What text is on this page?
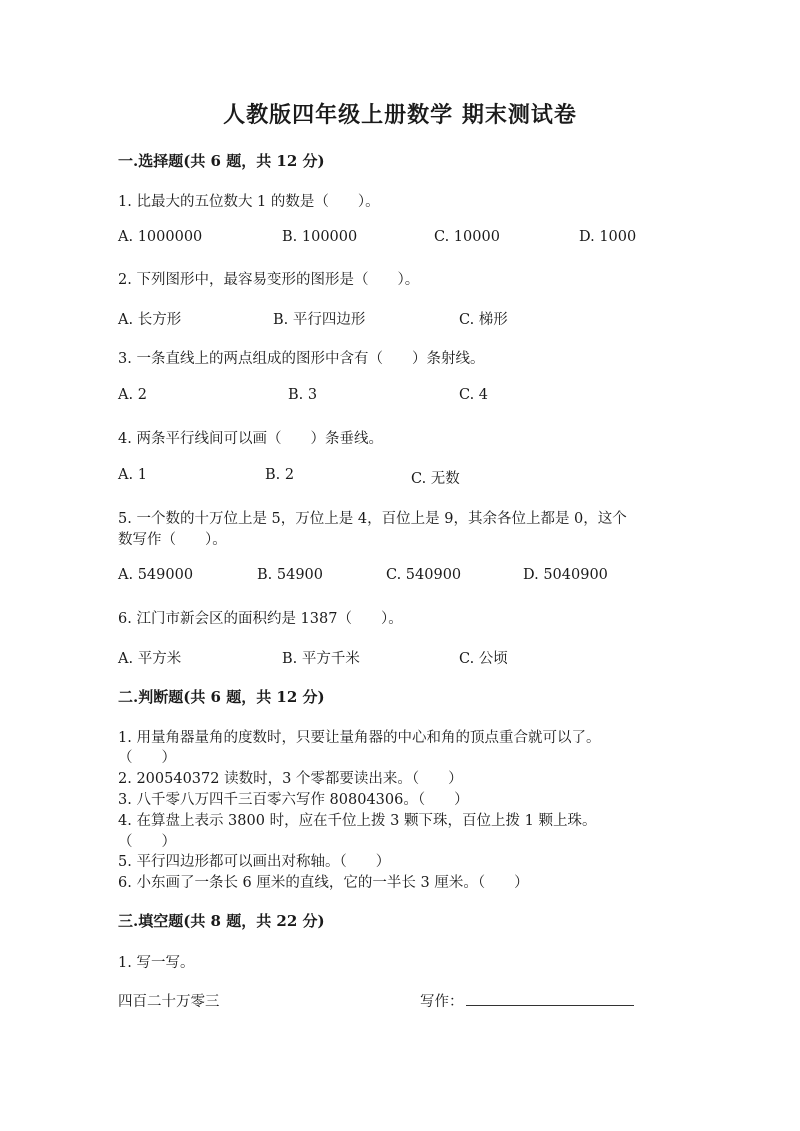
人教版四年级上册数学 期末测试卷
一.选择题(共 6 题，共 12 分)
1. 比最大的五位数大 1 的数是（　　）。
A. 1000000	B. 100000	C. 10000	D. 1000
2. 下列图形中，最容易变形的图形是（　　）。
A. 长方形	B. 平行四边形	C. 梯形
3. 一条直线上的两点组成的图形中含有（　　）条射线。
A. 2	B. 3	C. 4
4. 两条平行线间可以画（　　）条垂线。
A. 1	B. 2	C. 无数
5. 一个数的十万位上是 5，万位上是 4，百位上是 9，其余各位上都是 0，这个
数写作（　　）。
A. 549000	B. 54900	C. 540900	D. 5040900
6. 江门市新会区的面积约是 1387（　　）。
A. 平方米	B. 平方千米	C. 公顷
二.判断题(共 6 题，共 12 分)
1. 用量角器量角的度数时，只要让量角器的中心和角的顶点重合就可以了。
（　　）
2. 200540372 读数时，3 个零都要读出来。（　　）
3. 八千零八万四千三百零六写作 80804306。（　　）
4. 在算盘上表示 3800 时，应在千位上拨 3 颗下珠，百位上拨 1 颗上珠。
（　　）
5. 平行四边形都可以画出对称轴。（　　）
6. 小东画了一条长 6 厘米的直线，它的一半长 3 厘米。（　　）
三.填空题(共 8 题，共 22 分)
1. 写一写。
四百二十万零三	写作：
